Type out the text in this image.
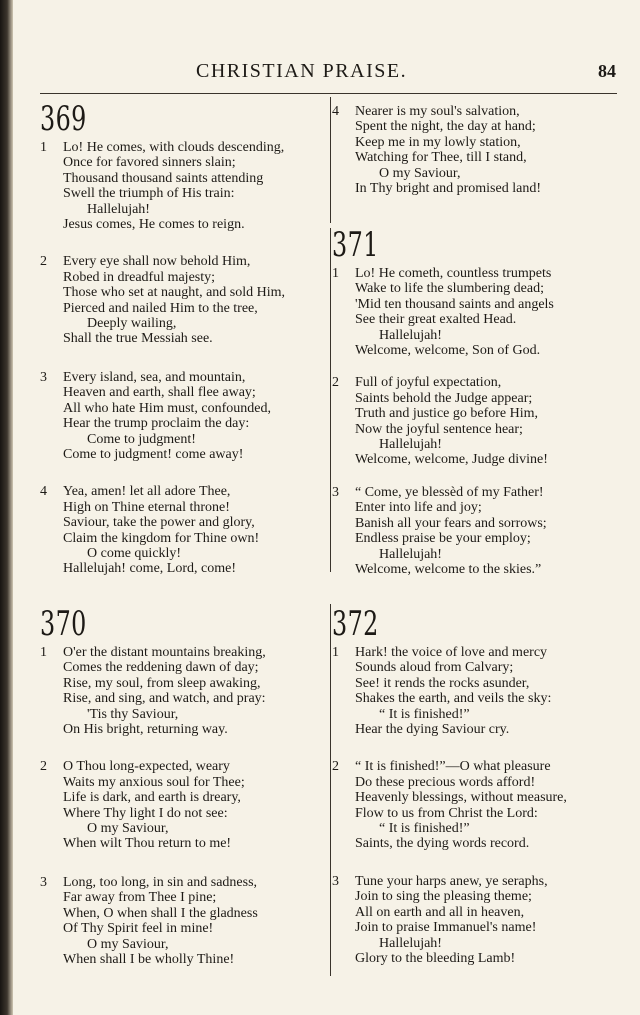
CHRISTIAN PRAISE.	84
369
1	Lo! He comes, with clouds descending,
Once for favored sinners slain;
Thousand thousand saints attending
Swell the triumph of His train:
Hallelujah!
Jesus comes, He comes to reign.
2	Every eye shall now behold Him,
Robed in dreadful majesty;
Those who set at naught, and sold Him,
Pierced and nailed Him to the tree,
Deeply wailing,
Shall the true Messiah see.
3	Every island, sea, and mountain,
Heaven and earth, shall flee away;
All who hate Him must, confounded,
Hear the trump proclaim the day:
Come to judgment!
Come to judgment! come away!
4	Yea, amen! let all adore Thee,
High on Thine eternal throne!
Saviour, take the power and glory,
Claim the kingdom for Thine own!
O come quickly!
Hallelujah! come, Lord, come!
370
1	O'er the distant mountains breaking,
Comes the reddening dawn of day;
Rise, my soul, from sleep awaking,
Rise, and sing, and watch, and pray:
'Tis thy Saviour,
On His bright, returning way.
2	O Thou long-expected, weary
Waits my anxious soul for Thee;
Life is dark, and earth is dreary,
Where Thy light I do not see:
O my Saviour,
When wilt Thou return to me!
3	Long, too long, in sin and sadness,
Far away from Thee I pine;
When, O when shall I the gladness
Of Thy Spirit feel in mine!
O my Saviour,
When shall I be wholly Thine!
4	Nearer is my soul's salvation,
Spent the night, the day at hand;
Keep me in my lowly station,
Watching for Thee, till I stand,
O my Saviour,
In Thy bright and promised land!
371
1	Lo! He cometh, countless trumpets
Wake to life the slumbering dead;
'Mid ten thousand saints and angels
See their great exalted Head.
Hallelujah!
Welcome, welcome, Son of God.
2	Full of joyful expectation,
Saints behold the Judge appear;
Truth and justice go before Him,
Now the joyful sentence hear;
Hallelujah!
Welcome, welcome, Judge divine!
3	“ Come, ye blessèd of my Father!
Enter into life and joy;
Banish all your fears and sorrows;
Endless praise be your employ;
Hallelujah!
Welcome, welcome to the skies.”
372
1	Hark! the voice of love and mercy
Sounds aloud from Calvary;
See! it rends the rocks asunder,
Shakes the earth, and veils the sky:
“ It is finished!”
Hear the dying Saviour cry.
2	“ It is finished!”—O what pleasure
Do these precious words afford!
Heavenly blessings, without measure,
Flow to us from Christ the Lord:
“ It is finished!”
Saints, the dying words record.
3	Tune your harps anew, ye seraphs,
Join to sing the pleasing theme;
All on earth and all in heaven,
Join to praise Immanuel's name!
Hallelujah!
Glory to the bleeding Lamb!
